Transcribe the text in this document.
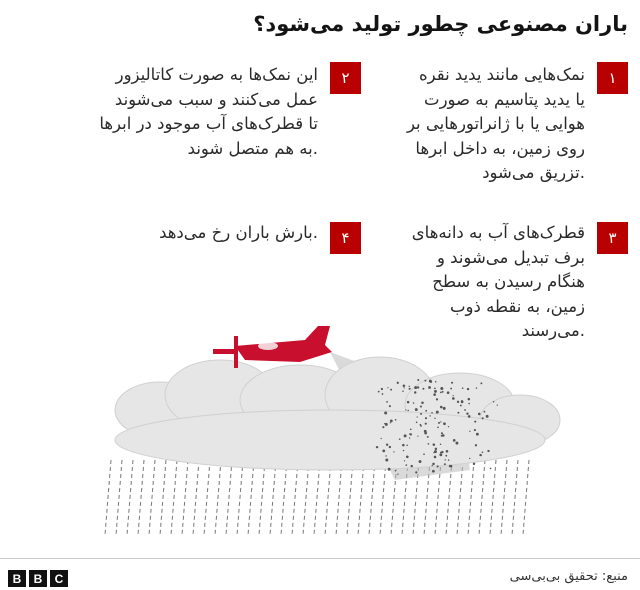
باران مصنوعی چطور تولید می‌شود؟
۱
نمک‌هایی مانند یدید نقره
یا یدید پتاسیم به صورت
هوایی یا با ژانراتورهایی بر
روی زمین، به داخل ابرها
تزریق می‌شود.
۲
این نمک‌ها به صورت کاتالیزور
عمل می‌کنند و سبب می‌شوند
تا قطرک‌های آب موجود در ابرها
به هم متصل شوند.
۳
قطرک‌های آب به دانه‌های
برف تبدیل می‌شوند و
هنگام رسیدن به سطح
زمین، به نقطه ذوب
می‌رسند.
۴
بارش باران رخ می‌دهد.
B	B	C	منبع: تحقیق بی‌بی‌سی
